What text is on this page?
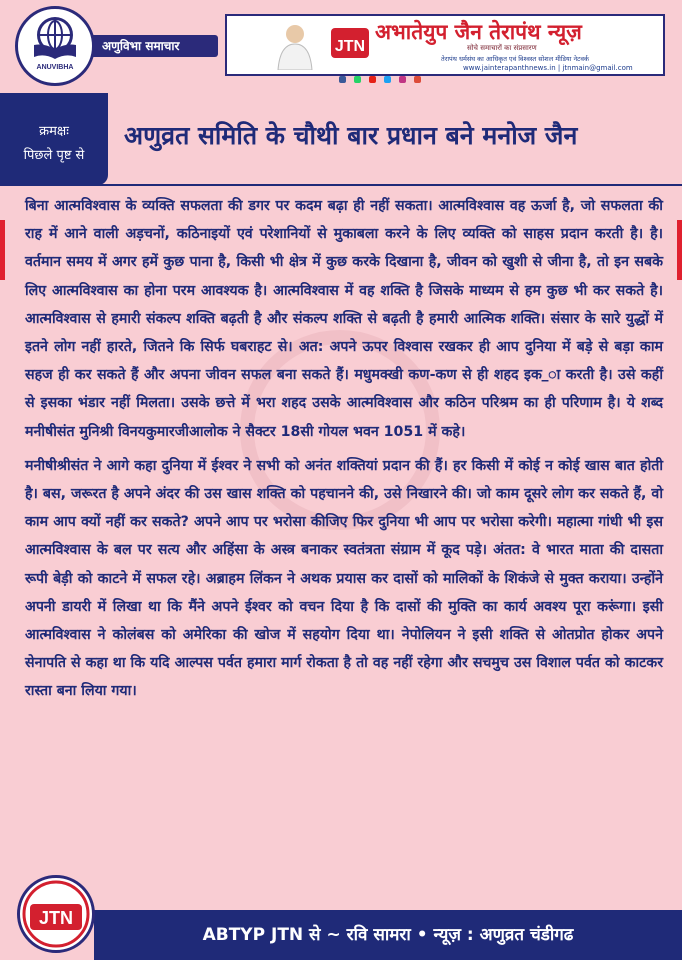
ANUVIBHA
अणुविभा समाचार	JTN
अभातेयुप जैन तेरापंथ न्यूज़
सोचे समाचारों का संप्रसारण
तेरापंथ धर्मसंघ का आधिकृत एवं विश्वस्त सोशल मीडिया नेटवर्क
www.jainterapanthnews.in | jtnmain@gmail.com

क्रमक्षः
पिछले पृष्ट से
अणुव्रत समिति के चौथी बार प्रधान बने मनोज जैन

बिना आत्मविश्वास के व्यक्ति सफलता की डगर पर कदम बढ़ा ही नहीं सकता। आत्मविश्वास वह ऊर्जा है, जो सफलता की राह में आने वाली अड़चनों, कठिनाइयों एवं परेशानियों से मुकाबला करने के लिए व्यक्ति को साहस प्रदान करती है। है। वर्तमान समय में अगर हमें कुछ पाना है, किसी भी क्षेत्र में कुछ करके दिखाना है, जीवन को खुशी से जीना है, तो इन सबके लिए आत्मविश्वास का होना परम आवश्यक है। आत्मविश्वास में वह शक्ति है जिसके माध्यम से हम कुछ भी कर सकते है। आत्मविश्वास से हमारी संकल्प शक्ति बढ़ती है और संकल्प शक्ति से बढ़ती है हमारी आत्मिक शक्ति। संसार के सारे युद्धों में इतने लोग नहीं हारते, जितने कि सिर्फ घबराहट से। अत: अपने ऊपर विश्वास रखकर ही आप दुनिया में बड़े से बड़ा काम सहज ही कर सकते हैं और अपना जीवन सफल बना सकते हैं। मधुमक्खी कण-कण से ही शहद इक_ा करती है। उसे कहीं से इसका भंडार नहीं मिलता। उसके छत्ते में भरा शहद उसके आत्मविश्वास और कठिन परिश्रम का ही परिणाम है। ये शब्द मनीषीसंत मुनिश्री विनयकुमारजीआलोक ने सैक्टर 18सी गोयल भवन 1051 में कहे।

मनीषीश्रीसंत ने आगे कहा दुनिया में ईश्वर ने सभी को अनंत शक्तियां प्रदान की हैं। हर किसी में कोई न कोई खास बात होती है। बस, जरूरत है अपने अंदर की उस खास शक्ति को पहचानने की, उसे निखारने की। जो काम दूसरे लोग कर सकते हैं, वो काम आप क्यों नहीं कर सकते? अपने आप पर भरोसा कीजिए फिर दुनिया भी आप पर भरोसा करेगी। महात्मा गांधी भी इस आत्मविश्वास के बल पर सत्य और अहिंसा के अस्त्र बनाकर स्वतंत्रता संग्राम में कूद पड़े। अंतत: वे भारत माता की दासता रूपी बेड़ी को काटने में सफल रहे। अब्राहम लिंकन ने अथक प्रयास कर दासों को मालिकों के शिकंजे से मुक्त कराया। उन्होंने अपनी डायरी में लिखा था कि मैंने अपने ईश्वर को वचन दिया है कि दासों की मुक्ति का कार्य अवश्य पूरा करूंगा। इसी आत्मविश्वास ने कोलंबस को अमेरिका की खोज में सहयोग दिया था। नेपोलियन ने इसी शक्ति से ओतप्रोत होकर अपने सेनापति से कहा था कि यदि आल्पस पर्वत हमारा मार्ग रोकता है तो वह नहीं रहेगा और सचमुच उस विशाल पर्वत को काटकर रास्ता बना लिया गया।

ABTYP JTN से ~ रवि सामरा • न्यूज़ : अणुव्रत चंडीगढ
JTN
